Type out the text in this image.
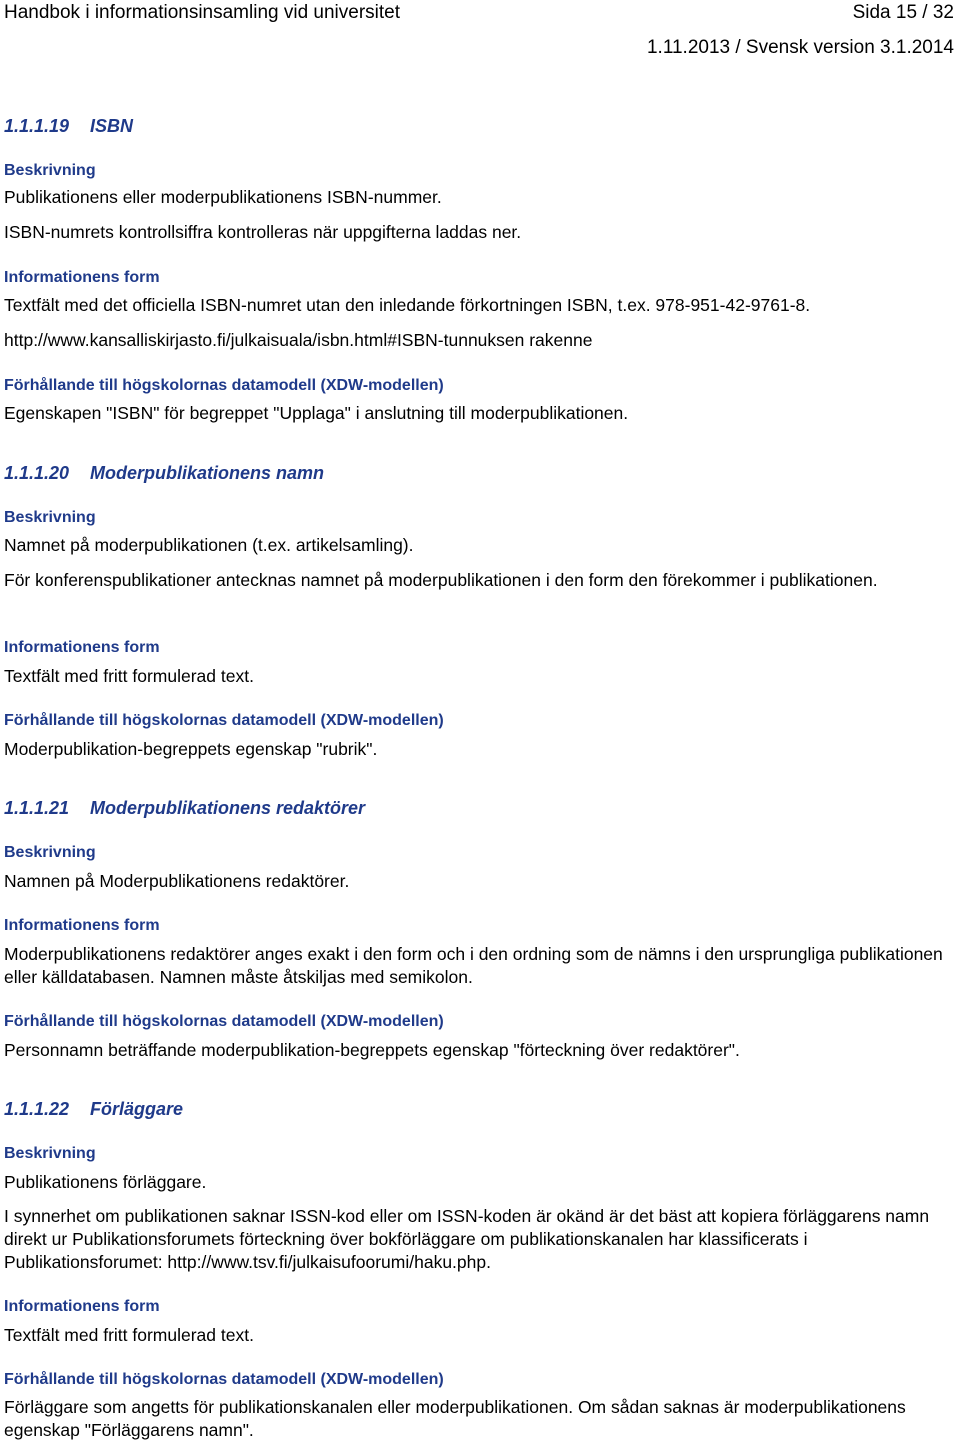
Handbok i informationsinsamling vid universitet	Sida 15 / 32
1.11.2013 / Svensk version 3.1.2014
1.1.1.19 ISBN
Beskrivning
Publikationens eller moderpublikationens ISBN-nummer.
ISBN-numrets kontrollsiffra kontrolleras när uppgifterna laddas ner.
Informationens form
Textfält med det officiella ISBN-numret utan den inledande förkortningen ISBN, t.ex. 978-951-42-9761-8.
http://www.kansalliskirjasto.fi/julkaisuala/isbn.html#ISBN-tunnuksen rakenne
Förhållande till högskolornas datamodell (XDW-modellen)
Egenskapen "ISBN" för begreppet "Upplaga" i anslutning till moderpublikationen.
1.1.1.20 Moderpublikationens namn
Beskrivning
Namnet på moderpublikationen (t.ex. artikelsamling).
För konferenspublikationer antecknas namnet på moderpublikationen i den form den förekommer i publikationen.
Informationens form
Textfält med fritt formulerad text.
Förhållande till högskolornas datamodell (XDW-modellen)
Moderpublikation-begreppets egenskap "rubrik".
1.1.1.21 Moderpublikationens redaktörer
Beskrivning
Namnen på Moderpublikationens redaktörer.
Informationens form
Moderpublikationens redaktörer anges exakt i den form och i den ordning som de nämns i den ursprungliga publikationen eller källdatabasen. Namnen måste åtskiljas med semikolon.
Förhållande till högskolornas datamodell (XDW-modellen)
Personnamn beträffande moderpublikation-begreppets egenskap "förteckning över redaktörer".
1.1.1.22 Förläggare
Beskrivning
Publikationens förläggare.
I synnerhet om publikationen saknar ISSN-kod eller om ISSN-koden är okänd är det bäst att kopiera förläggarens namn direkt ur Publikationsforumets förteckning över bokförläggare om publikationskanalen har klassificerats i Publikationsforumet: http://www.tsv.fi/julkaisufoorumi/haku.php.
Informationens form
Textfält med fritt formulerad text.
Förhållande till högskolornas datamodell (XDW-modellen)
Förläggare som angetts för publikationskanalen eller moderpublikationen. Om sådan saknas är moderpublikationens egenskap "Förläggarens namn".
